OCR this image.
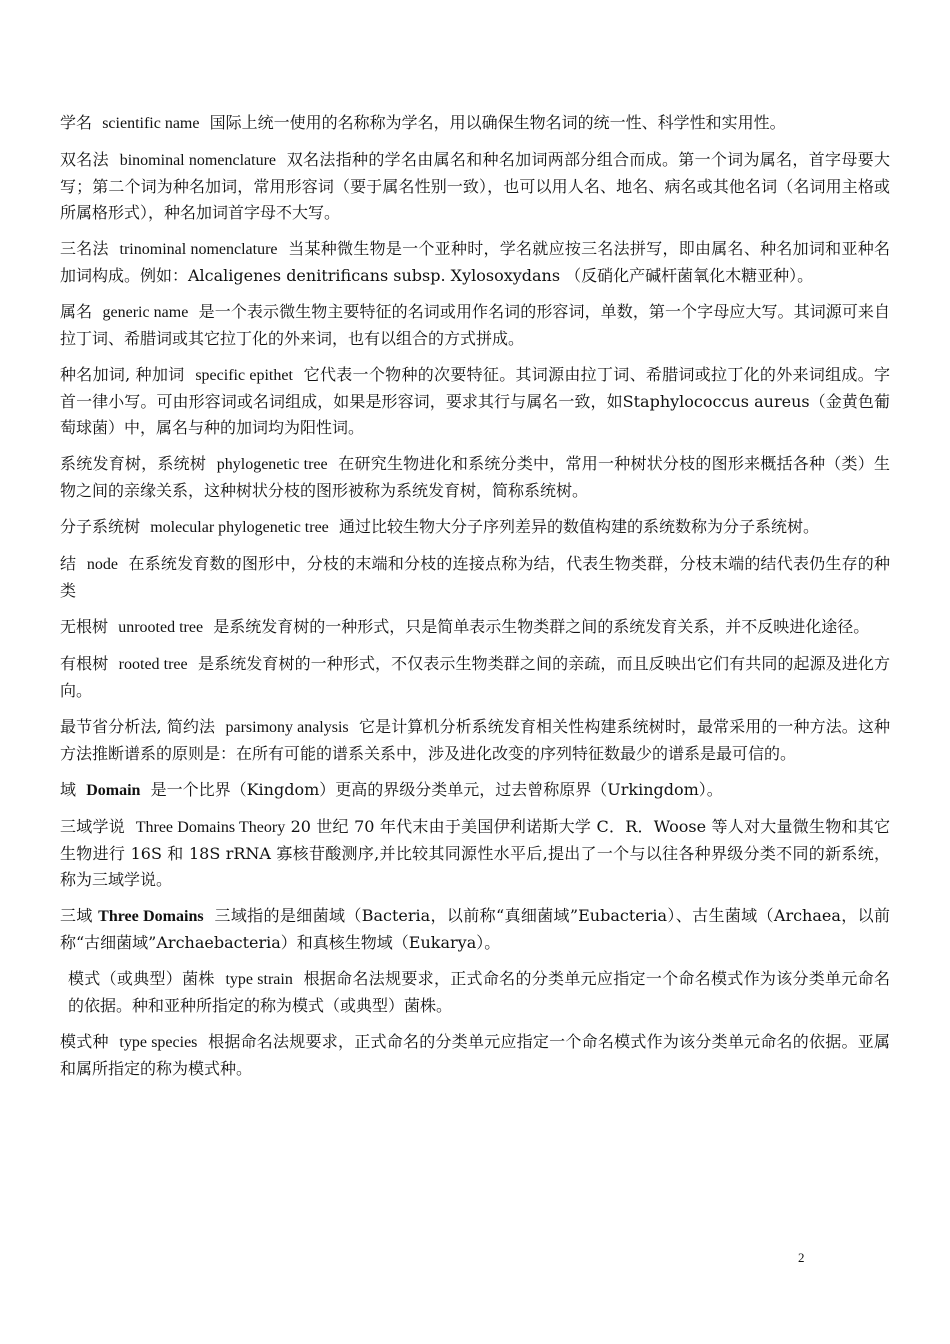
学名 scientific name 国际上统一使用的名称称为学名，用以确保生物名词的统一性、科学性和实用性。

双名法 binominal nomenclature 双名法指种的学名由属名和种名加词两部分组合而成。第一个词为属名，首字母要大写；第二个词为种名加词，常用形容词（要于属名性别一致），也可以用人名、地名、病名或其他名词（名词用主格或所属格形式），种名加词首字母不大写。

三名法 trinominal nomenclature 当某种微生物是一个亚种时，学名就应按三名法拼写，即由属名、种名加词和亚种名加词构成。例如：Alcaligenes denitrificans subsp. Xylosoxydans （反硝化产碱杆菌氧化木糖亚种）。

属名 generic name 是一个表示微生物主要特征的名词或用作名词的形容词，单数，第一个字母应大写。其词源可来自拉丁词、希腊词或其它拉丁化的外来词，也有以组合的方式拼成。

种名加词, 种加词 specific epithet 它代表一个物种的次要特征。其词源由拉丁词、希腊词或拉丁化的外来词组成。字首一律小写。可由形容词或名词组成，如果是形容词，要求其行与属名一致，如Staphylococcus aureus（金黄色葡萄球菌）中，属名与种的加词均为阳性词。

系统发育树，系统树 phylogenetic tree 在研究生物进化和系统分类中，常用一种树状分枝的图形来概括各种（类）生物之间的亲缘关系，这种树状分枝的图形被称为系统发育树，简称系统树。

分子系统树 molecular phylogenetic tree 通过比较生物大分子序列差异的数值构建的系统数称为分子系统树。

结 node 在系统发育数的图形中，分枝的末端和分枝的连接点称为结，代表生物类群，分枝末端的结代表仍生存的种类

无根树 unrooted tree 是系统发育树的一种形式，只是简单表示生物类群之间的系统发育关系，并不反映进化途径。

有根树 rooted tree 是系统发育树的一种形式，不仅表示生物类群之间的亲疏，而且反映出它们有共同的起源及进化方向。

最节省分析法, 简约法 parsimony analysis 它是计算机分析系统发育相关性构建系统树时，最常采用的一种方法。这种方法推断谱系的原则是：在所有可能的谱系关系中，涉及进化改变的序列特征数最少的谱系是最可信的。

域 Domain 是一个比界（Kingdom）更高的界级分类单元，过去曾称原界（Urkingdom）。

三域学说 Three Domains Theory 20 世纪 70 年代末由于美国伊利诺斯大学 C．R．Woose 等人对大量微生物和其它生物进行 16S 和 18S rRNA 寡核苷酸测序,并比较其同源性水平后,提出了一个与以往各种界级分类不同的新系统，称为三域学说。

三域 Three Domains 三域指的是细菌域（Bacteria，以前称“真细菌域”Eubacteria）、古生菌域（Archaea，以前称“古细菌域”Archaebacteria）和真核生物域（Eukarya）。

模式（或典型）菌株 type strain 根据命名法规要求，正式命名的分类单元应指定一个命名模式作为该分类单元命名的依据。种和亚种所指定的称为模式（或典型）菌株。

模式种 type species 根据命名法规要求，正式命名的分类单元应指定一个命名模式作为该分类单元命名的依据。亚属和属所指定的称为模式种。

2
